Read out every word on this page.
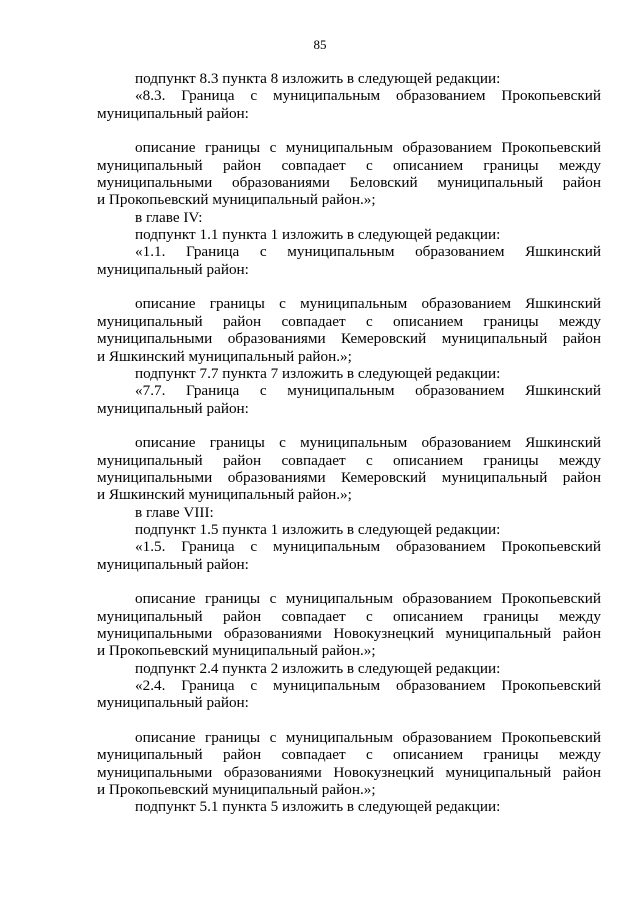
85

подпункт 8.3 пункта 8 изложить в следующей редакции:

«8.3. Граница с муниципальным образованием Прокопьевский
муниципальный район:
описание границы с муниципальным образованием Прокопьевский
муниципальный район совпадает с описанием границы между
муниципальными образованиями Беловский муниципальный район
и Прокопьевский муниципальный район.»;

в главе IV:

подпункт 1.1 пункта 1 изложить в следующей редакции:

«1.1. Граница с муниципальным образованием Яшкинский
муниципальный район:
описание границы с муниципальным образованием Яшкинский
муниципальный район совпадает с описанием границы между
муниципальными образованиями Кемеровский муниципальный район
и Яшкинский муниципальный район.»;

подпункт 7.7 пункта 7 изложить в следующей редакции:

«7.7. Граница с муниципальным образованием Яшкинский
муниципальный район:
описание границы с муниципальным образованием Яшкинский
муниципальный район совпадает с описанием границы между
муниципальными образованиями Кемеровский муниципальный район
и Яшкинский муниципальный район.»;

в главе VIII:

подпункт 1.5 пункта 1 изложить в следующей редакции:

«1.5. Граница с муниципальным образованием Прокопьевский
муниципальный район:
описание границы с муниципальным образованием Прокопьевский
муниципальный район совпадает с описанием границы между
муниципальными образованиями Новокузнецкий муниципальный район
и Прокопьевский муниципальный район.»;

подпункт 2.4 пункта 2 изложить в следующей редакции:

«2.4. Граница с муниципальным образованием Прокопьевский
муниципальный район:
описание границы с муниципальным образованием Прокопьевский
муниципальный район совпадает с описанием границы между
муниципальными образованиями Новокузнецкий муниципальный район
и Прокопьевский муниципальный район.»;

подпункт 5.1 пункта 5 изложить в следующей редакции:
